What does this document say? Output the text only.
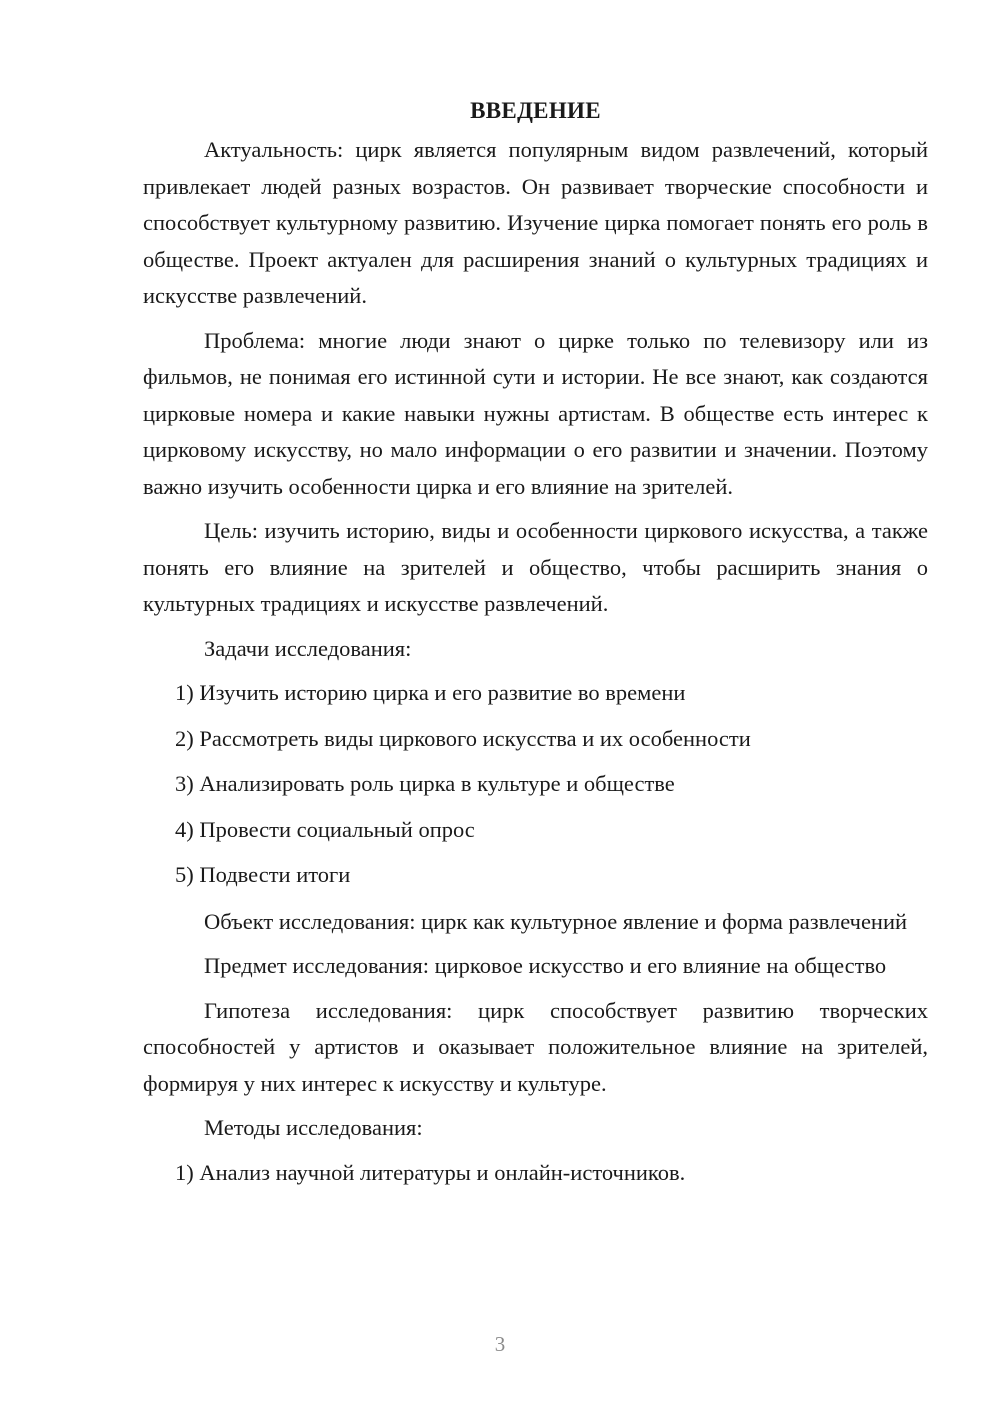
ВВЕДЕНИЕ

Актуальность: цирк является популярным видом развлечений, который привлекает людей разных возрастов. Он развивает творческие способности и способствует культурному развитию. Изучение цирка помогает понять его роль в обществе. Проект актуален для расширения знаний о культурных традициях и искусстве развлечений.

Проблема: многие люди знают о цирке только по телевизору или из фильмов, не понимая его истинной сути и истории. Не все знают, как создаются цирковые номера и какие навыки нужны артистам. В обществе есть интерес к цирковому искусству, но мало информации о его развитии и значении. Поэтому важно изучить особенности цирка и его влияние на зрителей.

Цель: изучить историю, виды и особенности циркового искусства, а также понять его влияние на зрителей и общество, чтобы расширить знания о культурных традициях и искусстве развлечений.

Задачи исследования:

1) Изучить историю цирка и его развитие во времени

2) Рассмотреть виды циркового искусства и их особенности

3) Анализировать роль цирка в культуре и обществе

4) Провести социальный опрос

5) Подвести итоги

Объект исследования: цирк как культурное явление и форма развлечений

Предмет исследования: цирковое искусство и его влияние на общество

Гипотеза исследования: цирк способствует развитию творческих способностей у артистов и оказывает положительное влияние на зрителей, формируя у них интерес к искусству и культуре.

Методы исследования:

1) Анализ научной литературы и онлайн-источников.

3
